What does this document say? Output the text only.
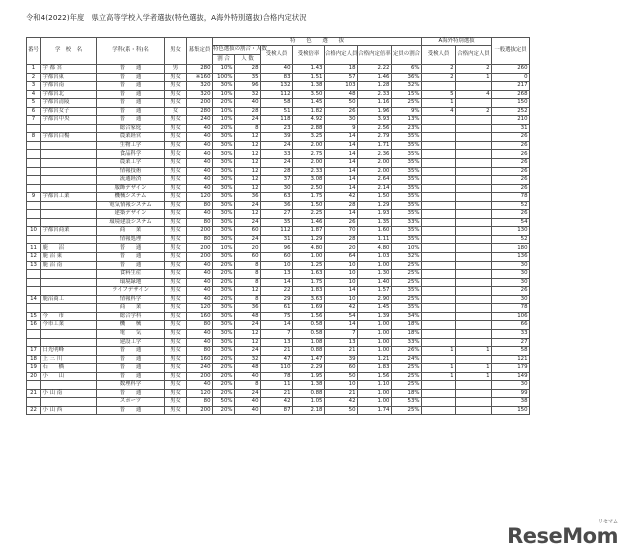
令和4(2022)年度　県立高等学校入学者選抜(特色選抜，A海外特別選抜)合格内定状況
番号	学　校　名	学科(系・科)名	男女	募集定員	特　　色　　選　　抜							A海外特別選抜		一般選抜定員
					特色選抜の割合・人数		受検人員	受検倍率	合格内定人員	合格内定倍率	定員の割合	受検人員	合格内定人員	
					割 合	人 数								
1	宇 都 宮	普　　通	男	280	10%	28	40	1.43	18	2.22	6%	2	2	260
2	宇都宮東	普　　通	男女	※160	100%	35	83	1.51	57	1.46	36%	2	1	0
3	宇都宮南	普　　通	男女	320	30%	96	132	1.38	103	1.28	32%			217
4	宇都宮北	普　　通	男女	320	10%	32	112	3.50	48	2.33	15%	5	4	268
5	宇都宮清陵	普　　通	男女	200	20%	40	58	1.45	50	1.16	25%	1		150
6	宇都宮女子	普　　通	女	280	10%	28	51	1.82	26	1.96	9%	4	2	252
7	宇都宮中央	普　　通	男女	240	10%	24	118	4.92	30	3.93	13%			210
		総合家庭	男女	40	20%	8	23	2.88	9	2.56	23%			31
8	宇都宮白楊	農業経営	男女	40	30%	12	39	3.25	14	2.79	35%			26
		生物工学	男女	40	30%	12	24	2.00	14	1.71	35%			26
		食品科学	男女	40	30%	12	33	2.75	14	2.36	35%			26
		農業工学	男女	40	30%	12	24	2.00	14	2.00	35%			26
		情報技術	男女	40	30%	12	28	2.33	14	2.00	35%			26
		流通経済	男女	40	30%	12	37	3.08	14	2.64	35%			26
		服飾デザイン	男女	40	30%	12	30	2.50	14	2.14	35%			26
9	宇都宮工業	機械システム	男女	120	30%	36	63	1.75	42	1.50	35%			78
		電気情報システム	男女	80	30%	24	36	1.50	28	1.29	35%			52
		建築デザイン	男女	40	30%	12	27	2.25	14	1.93	35%			26
		環境建設システム	男女	80	30%	24	35	1.46	26	1.35	33%			54
10	宇都宮商業	商　　業	男女	200	30%	60	112	1.87	70	1.60	35%			130
		情報処理	男女	80	30%	24	31	1.29	28	1.11	35%			52
11	鹿　　沼	普　　通	男女	200	10%	20	96	4.80	20	4.80	10%			180
12	鹿 沼 東	普　　通	男女	200	30%	60	60	1.00	64	1.03	32%			136
13	鹿 沼 南	普　　通	男女	40	20%	8	10	1.25	10	1.00	25%			30
		食料生産	男女	40	20%	8	13	1.63	10	1.30	25%			30
		環境緑地	男女	40	20%	8	14	1.75	10	1.40	25%			30
		ライフデザイン	男女	40	30%	12	22	1.83	14	1.57	35%			26
14	鹿沼商工	情報科学	男女	40	20%	8	29	3.63	10	2.90	25%			30
		商　　業	男女	120	30%	36	61	1.69	42	1.45	35%			78
15	今　　市	総合学科	男女	160	30%	48	75	1.56	54	1.39	34%			106
16	今市工業	機　　械	男女	80	30%	24	14	0.58	14	1.00	18%			66
		電　　気	男女	40	30%	12	7	0.58	7	1.00	18%			33
		建設工学	男女	40	30%	12	13	1.08	13	1.00	33%			27
17	日光明峰	普　　通	男女	80	30%	24	21	0.88	21	1.00	26%	1	1	58
18	上 三 川	普　　通	男女	160	20%	32	47	1.47	39	1.21	24%			121
19	石　　橋	普　　通	男女	240	20%	48	110	2.29	60	1.83	25%	1	1	179
20	小　　山	普　　通	男女	200	20%	40	78	1.95	50	1.56	25%	1	1	149
		数理科学	男女	40	20%	8	11	1.38	10	1.10	25%			30
21	小 山 南	普　　通	男女	120	20%	24	21	0.88	21	1.00	18%			99
		スポーツ	男女	80	50%	40	42	1.05	42	1.00	53%			38
22	小 山 西	普　　通	男女	200	20%	40	87	2.18	50	1.74	25%			150
リセマム
ReseMom
